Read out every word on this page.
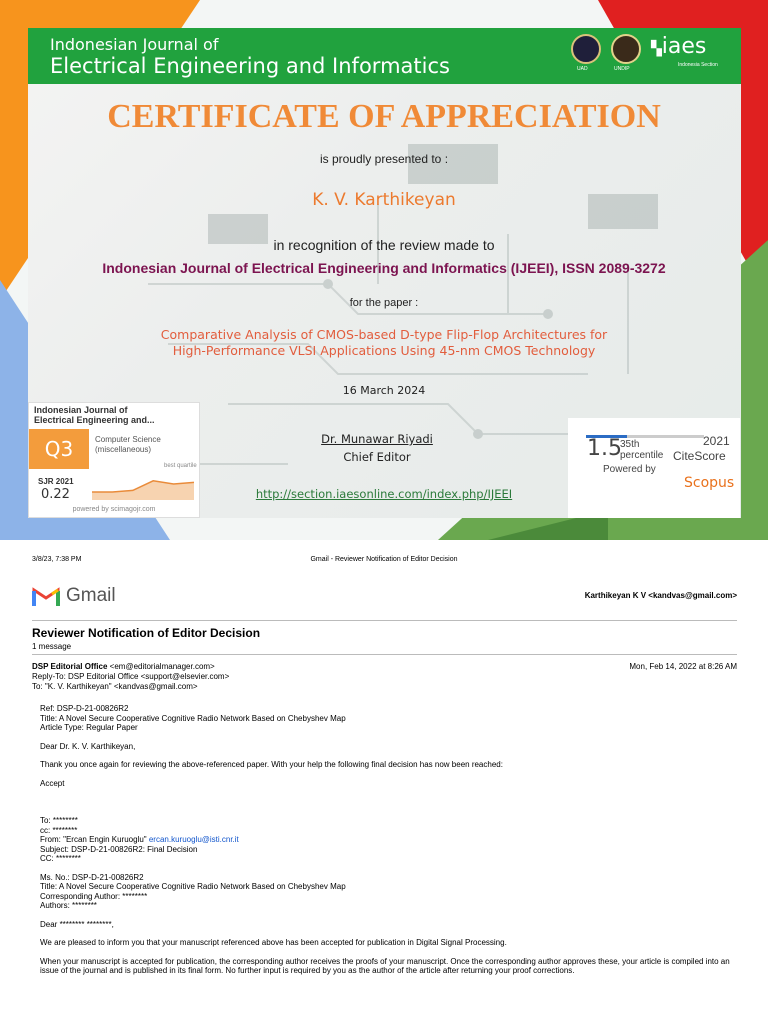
Indonesian Journal of
Electrical Engineering and Informatics	UAD	UNDIP
▚iaes
Indonesia Section
CERTIFICATE OF APPRECIATION
is proudly presented to :
K. V. Karthikeyan
in recognition of the review made to
Indonesian Journal of Electrical Engineering and Informatics (IJEEI), ISSN 2089-3272
for the paper :
Comparative Analysis of CMOS-based D-type Flip-Flop Architectures for
High-Performance VLSI Applications Using 45-nm CMOS Technology
16 March 2024
Dr. Munawar Riyadi
Chief Editor
http://section.iaesonline.com/index.php/IJEEI
Indonesian Journal of
Electrical Engineering and...
Q3	Computer Science
(miscellaneous)
best quartile
SJR 2021
0.22
powered by scimagojr.com
1.5
35th
percentile
2021
CiteScore
Powered by
Scopus
3/8/23, 7:38 PM	Gmail - Reviewer Notification of Editor Decision
Gmail	Karthikeyan K V <kandvas@gmail.com>
Reviewer Notification of Editor Decision
1 message
DSP Editorial Office <em@editorialmanager.com>
Reply-To: DSP Editorial Office <support@elsevier.com>
To: "K. V. Karthikeyan" <kandvas@gmail.com>
Mon, Feb 14, 2022 at 8:26 AM

Ref: DSP-D-21-00826R2
Title: A Novel Secure Cooperative Cognitive Radio Network Based on Chebyshev Map
Article Type: Regular Paper

Dear Dr. K. V. Karthikeyan,

Thank you once again for reviewing the above-referenced paper. With your help the following final decision has now been reached:

Accept

To: ********
cc: ********
From: "Ercan Engin Kuruoglu" ercan.kuruoglu@isti.cnr.it
Subject: DSP-D-21-00826R2: Final Decision
CC: ********

Ms. No.: DSP-D-21-00826R2
Title: A Novel Secure Cooperative Cognitive Radio Network Based on Chebyshev Map
Corresponding Author: ********
Authors: ********

Dear ******** ********,

We are pleased to inform you that your manuscript referenced above has been accepted for publication in Digital Signal Processing.

When your manuscript is accepted for publication, the corresponding author receives the proofs of your manuscript. Once the corresponding author approves these, your article is compiled into an issue of the journal and is published in its final form. No further input is required by you as the author of the article after returning your proof corrections.
